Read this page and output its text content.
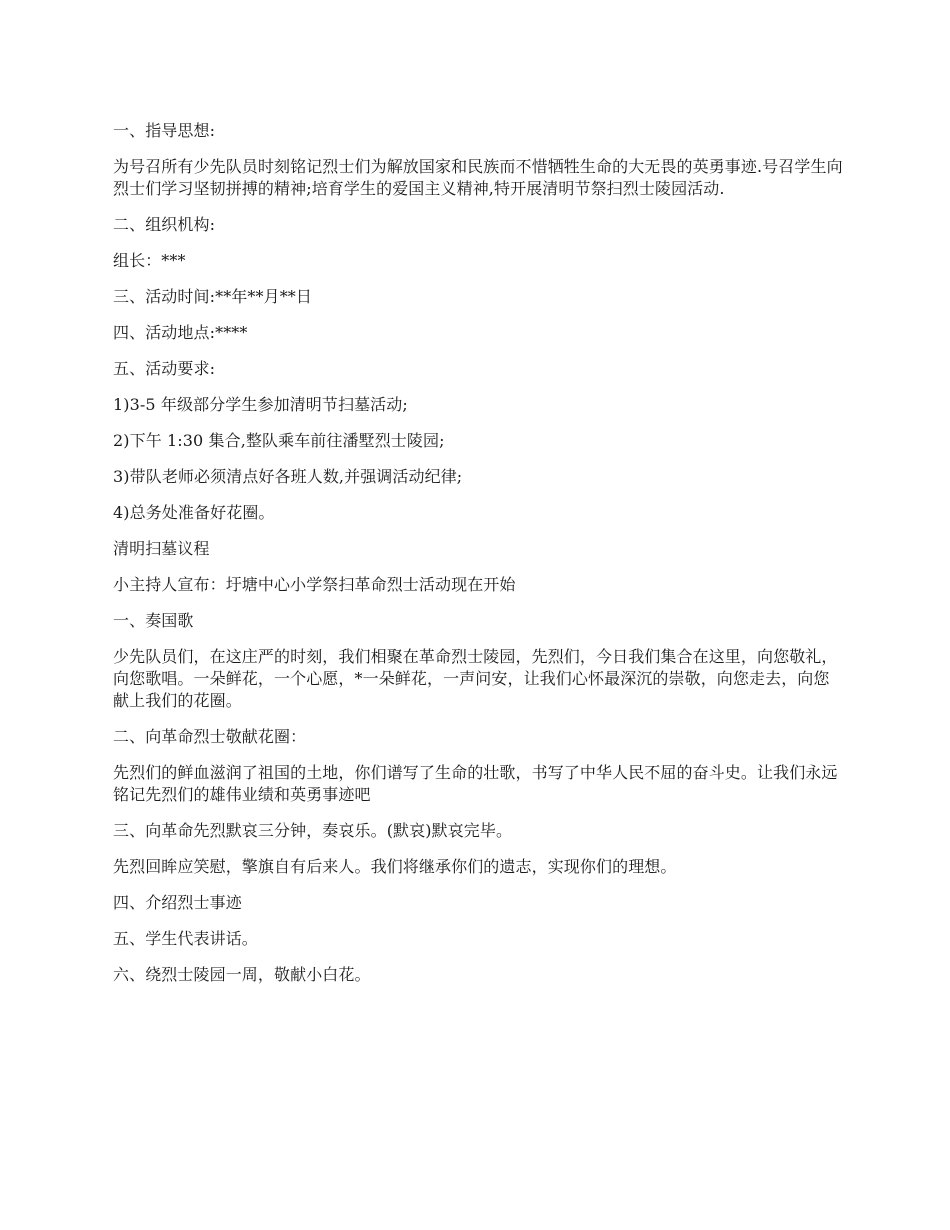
一、指导思想:

为号召所有少先队员时刻铭记烈士们为解放国家和民族而不惜牺牲生命的大无畏的英勇事迹.号召学生向烈士们学习坚韧拼搏的精神;培育学生的爱国主义精神,特开展清明节祭扫烈士陵园活动.

二、组织机构:

组长：***

三、活动时间:**年**月**日

四、活动地点:****

五、活动要求:

1)3-5 年级部分学生参加清明节扫墓活动;

2)下午 1:30 集合,整队乘车前往潘墅烈士陵园;

3)带队老师必须清点好各班人数,并强调活动纪律;

4)总务处准备好花圈。

清明扫墓议程

小主持人宣布：圩塘中心小学祭扫革命烈士活动现在开始

一、奏国歌

少先队员们，在这庄严的时刻，我们相聚在革命烈士陵园，先烈们，今日我们集合在这里，向您敬礼，向您歌唱。一朵鲜花，一个心愿，*一朵鲜花，一声问安，让我们心怀最深沉的崇敬，向您走去，向您献上我们的花圈。

二、向革命烈士敬献花圈：

先烈们的鲜血滋润了祖国的土地，你们谱写了生命的壮歌，书写了中华人民不屈的奋斗史。让我们永远铭记先烈们的雄伟业绩和英勇事迹吧

三、向革命先烈默哀三分钟，奏哀乐。(默哀)默哀完毕。

先烈回眸应笑慰，擎旗自有后来人。我们将继承你们的遗志，实现你们的理想。

四、介绍烈士事迹

五、学生代表讲话。

六、绕烈士陵园一周，敬献小白花。
